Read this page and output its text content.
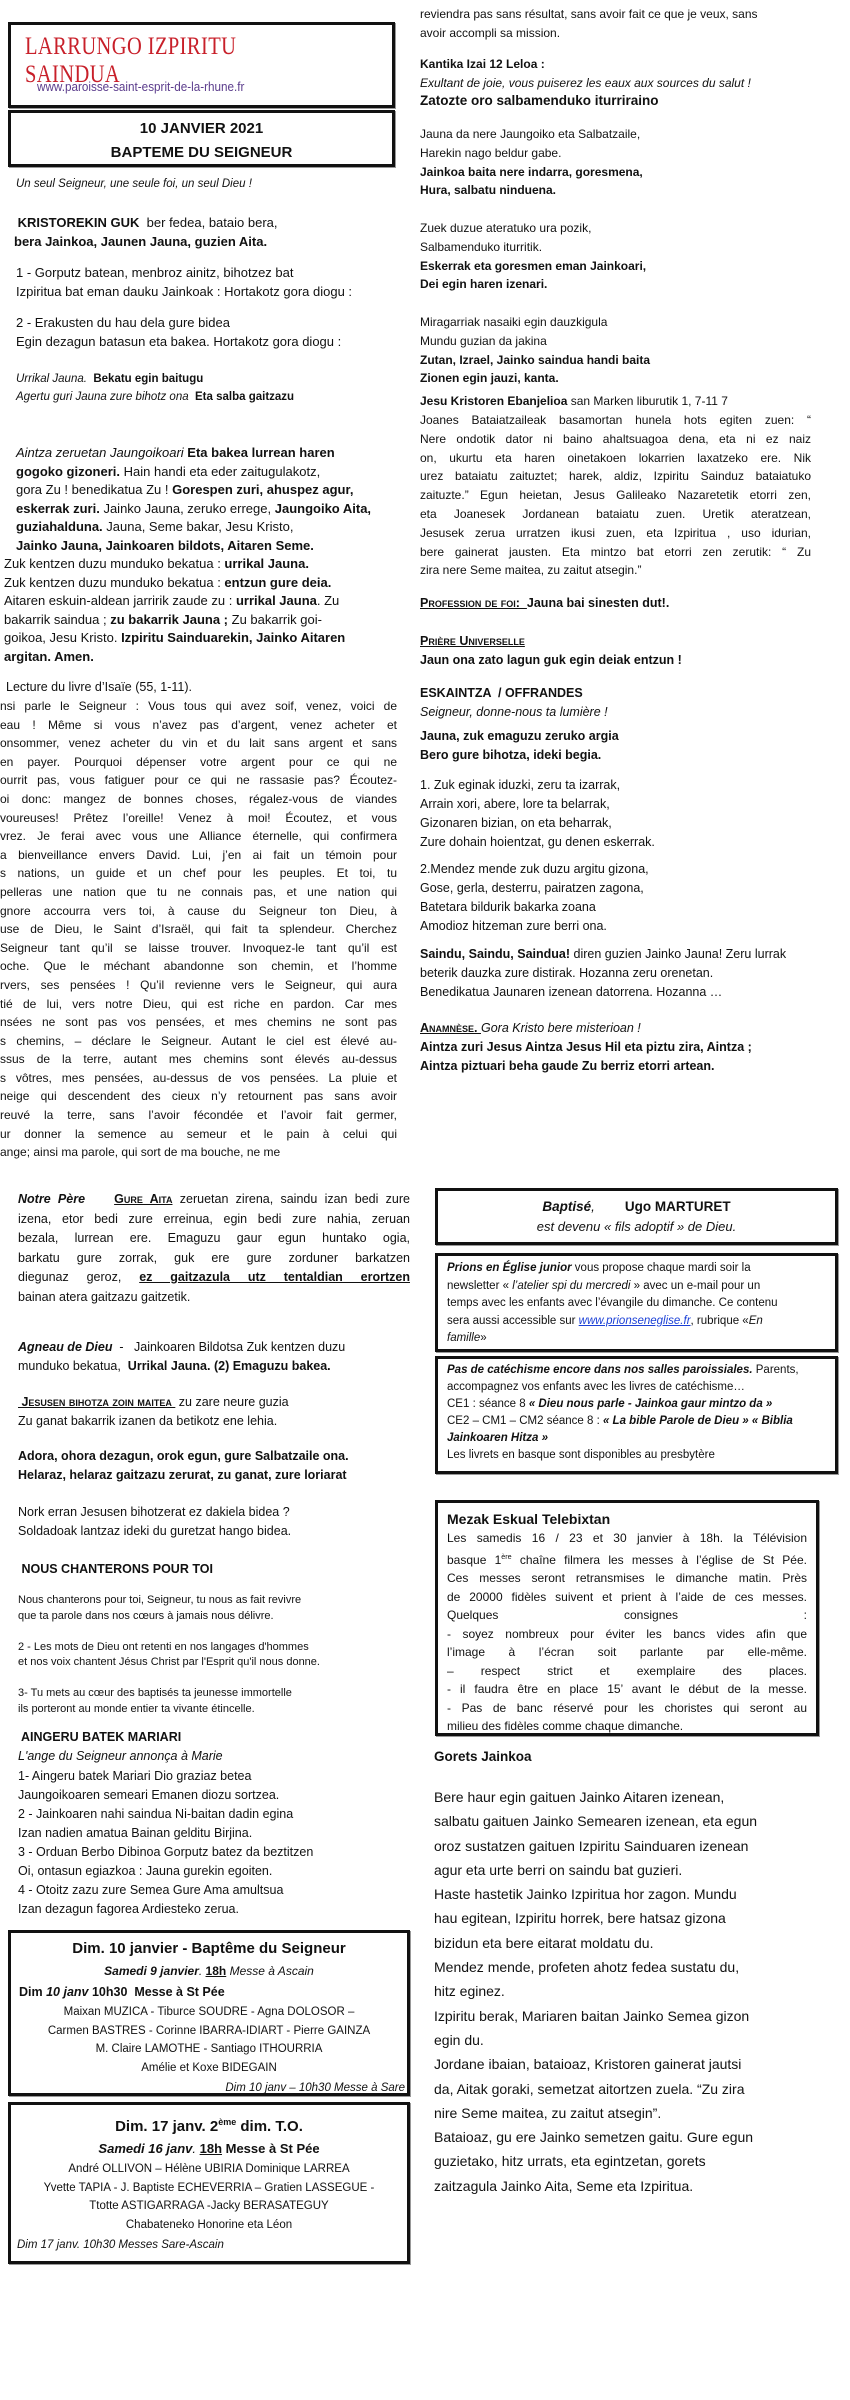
LARRUNGO IZPIRITU SAINDUA
www.paroisse-saint-esprit-de-la-rhune.fr
10 JANVIER 2021
BAPTEME DU SEIGNEUR
Un seul Seigneur, une seule foi, un seul Dieu !
KRISTOREKIN GUK  ber fedea, bataio bera,
bera Jainkoa, Jaunen Jauna, guzien Aita.
1 - Gorputz batean, menbroz ainitz, bihotzez bat
Izpiritua bat eman dauku Jainkoak : Hortakotz gora diogu :
2 - Erakusten du hau dela gure bidea
Egin dezagun batasun eta bakea. Hortakotz gora diogu :
Urrikal Jauna.  Bekatu egin baitugu
Agertu guri Jauna zure bihotz ona  Eta salba gaitzazu
Aintza zeruetan Jaungoikoari Eta bakea lurrean haren
gogoko gizoneri. Hain handi eta eder zaitugulakotz,
gora Zu ! benedikatua Zu ! Gorespen zuri, ahuspez agur,
eskerrak zuri. Jainko Jauna, zeruko errege, Jaungoiko Aita,
guziahalduna. Jauna, Seme bakar, Jesu Kristo,
Jainko Jauna, Jainkoaren bildots, Aitaren Seme.
Zuk kentzen duzu munduko bekatua : urrikal Jauna.
Zuk kentzen duzu munduko bekatua : entzun gure deia.
Aitaren eskuin-aldean jarririk zaude zu : urrikal Jauna. Zu
bakarrik saindua ; zu bakarrik Jauna ; Zu bakarrik goi-
goikoa, Jesu Kristo. Izpiritu Sainduarekin, Jainko Aitaren
argitan. Amen.
Lecture du livre d’Isaïe (55, 1-11).
nsi parle le Seigneur : Vous tous qui avez soif, venez, voici de
eau ! Même si vous n’avez pas d’argent, venez acheter et
onsommer, venez acheter du vin et du lait sans argent et sans
en payer. Pourquoi dépenser votre argent pour ce qui ne
ourrit pas, vous fatiguer pour ce qui ne rassasie pas? Écoutez-
oi donc: mangez de bonnes choses, régalez-vous de viandes
voureuses! Prêtez l’oreille! Venez à moi! Écoutez, et vous
vrez. Je ferai avec vous une Alliance éternelle, qui confirmera
a bienveillance envers David. Lui, j’en ai fait un témoin pour
s nations, un guide et un chef pour les peuples. Et toi, tu
pelleras une nation que tu ne connais pas, et une nation qui
gnore accourra vers toi, à cause du Seigneur ton Dieu, à
use de Dieu, le Saint d’Israël, qui fait ta splendeur. Cherchez
Seigneur tant qu’il se laisse trouver. Invoquez-le tant qu’il est
oche. Que le méchant abandonne son chemin, et l’homme
rvers, ses pensées ! Qu’il revienne vers le Seigneur, qui aura
tié de lui, vers notre Dieu, qui est riche en pardon. Car mes
nsées ne sont pas vos pensées, et mes chemins ne sont pas
s chemins, – déclare le Seigneur. Autant le ciel est élevé au-
ssus de la terre, autant mes chemins sont élevés au-dessus
s vôtres, mes pensées, au-dessus de vos pensées. La pluie et
neige qui descendent des cieux n’y retournent pas sans avoir
reuvé la terre, sans l’avoir fécondée et l’avoir fait germer,
ur donner la semence au semeur et le pain à celui qui
ange; ainsi ma parole, qui sort de ma bouche, ne me
Notre Père    Gure Aita zeruetan zirena, saindu izan bedi zure
izena, etor bedi zure erreinua, egin bedi zure nahia, zeruan
bezala, lurrean ere. Emaguzu gaur egun huntako ogia,
barkatu gure zorrak, guk ere gure zorduner barkatzen
diegunaz geroz, ez gaitzazula utz tentaldian erortzen
bainan atera gaitzazu gaitzetik.
Agneau de Dieu  -   Jainkoaren Bildotsa Zuk kentzen duzu
munduko bekatua,  Urrikal Jauna. (2) Emaguzu bakea.
Jesusen bihotza zoin maitea  zu zare neure guzia
Zu ganat bakarrik izanen da betikotz ene lehia.
Adora, ohora dezagun, orok egun, gure Salbatzaile ona.
Helaraz, helaraz gaitzazu zerurat, zu ganat, zure loriarat
Nork erran Jesusen bihotzerat ez dakiela bidea ?
Soldadoak lantzaz ideki du guretzat hango bidea.
NOUS CHANTERONS POUR TOI
Nous chanterons pour toi, Seigneur, tu nous as fait revivre
que ta parole dans nos cœurs à jamais nous délivre.

2 - Les mots de Dieu ont retenti en nos langages d'hommes
et nos voix chantent Jésus Christ par l'Esprit qu'il nous donne.

3- Tu mets au cœur des baptisés ta jeunesse immortelle
ils porteront au monde entier ta vivante étincelle.
AINGERU BATEK MARIARI
L'ange du Seigneur annonça à Marie
1- Aingeru batek Mariari Dio graziaz betea
Jaungoikoaren semeari Emanen diozu sortzea.
2 - Jainkoaren nahi saindua Ni-baitan dadin egina
Izan nadien amatua Bainan gelditu Birjina.
3 - Orduan Berbo Dibinoa Gorputz batez da beztitzen
Oi, ontasun egiazkoa : Jauna gurekin egoiten.
4 - Otoitz zazu zure Semea Gure Ama amultsua
Izan dezagun fagorea Ardiesteko zerua.
Dim. 10 janvier - Baptême du Seigneur
Samedi 9 janvier. 18h Messe à Ascain
Dim 10 janv 10h30  Messe à St Pée
Maixan MUZICA - Tiburce SOUDRE - Agna DOLOSOR –
Carmen BASTRES - Corinne IBARRA-IDIART - Pierre GAINZA
M. Claire LAMOTHE - Santiago ITHOURRIA
Amélie et Koxe BIDEGAIN
Dim 10 janv – 10h30 Messe à Sare
Dim. 17 janv. 2ème dim. T.O.
Samedi 16 janv. 18h Messe à St Pée
André OLLIVON – Hélène UBIRIA Dominique LARREA
Yvette TAPIA - J. Baptiste ECHEVERRIA – Gratien LASSEGUE -
Ttotte ASTIGARRAGA -Jacky BERASATEGUY
Chabateneko Honorine eta Léon
Dim 17 janv. 10h30 Messes Sare-Ascain
reviendra pas sans résultat, sans avoir fait ce que je veux, sans
avoir accompli sa mission.
Kantika Izai 12 Leloa :
Exultant de joie, vous puiserez les eaux aux sources du salut !
Zatozte oro salbamenduko iturriraino
Jauna da nere Jaungoiko eta Salbatzaile,
Harekin nago beldur gabe.
Jainkoa baita nere indarra, goresmena,
Hura, salbatu ninduena.

Zuek duzue ateratuko ura pozik,
Salbamenduko iturritik.
Eskerrak eta goresmen eman Jainkoari,
Dei egin haren izenari.

Miragarriak nasaiki egin dauzkigula
Mundu guzian da jakina
Zutan, Izrael, Jainko saindua handi baita
Zionen egin jauzi, kanta.
Jesu Kristoren Ebanjelioa san Marken liburutik 1, 7-11 7
Joanes Bataiatzaileak basamortan hunela hots egiten zuen: “
Nere ondotik dator ni baino ahaltsuagoa dena, eta ni ez naiz
on, ukurtu eta haren oinetakoen lokarrien laxatzeko ere. Nik
urez bataiatu zaituztet; harek, aldiz, Izpiritu Sainduz bataiatuko
zaituzte.” Egun heietan, Jesus Galileako Nazaretetik etorri zen,
eta Joanesek Jordanean bataiatu zuen. Uretik ateratzean,
Jesusek zerua urratzen ikusi zuen, eta Izpiritua , uso idurian,
bere gainerat jausten. Eta mintzo bat etorri zen zerutik: “ Zu
zira nere Seme maitea, zu zaitut atsegin.”
Profession de foi:  Jauna bai sinesten dut!.
Prière Universelle
Jaun ona zato lagun guk egin deiak entzun !
ESKAINTZA  / OFFRANDES
Seigneur, donne-nous ta lumière !
Jauna, zuk emaguzu zeruko argia
Bero gure bihotza, ideki begia.
1. Zuk eginak iduzki, zeru ta izarrak,
Arrain xori, abere, lore ta belarrak,
Gizonaren bizian, on eta beharrak,
Zure dohain hoientzat, gu denen eskerrak.
2.Mendez mende zuk duzu argitu gizona,
Gose, gerla, desterru, pairatzen zagona,
Batetara bildurik bakarka zoana
Amodioz hitzeman zure berri ona.
Saindu, Saindu, Saindua! diren guzien Jainko Jauna! Zeru lurrak
beterik dauzka zure distirak. Hozanna zeru orenetan.
Benedikatua Jaunaren izenean datorrena. Hozanna …
Anamnèse. Gora Kristo bere misterioan !
Aintza zuri Jesus Aintza Jesus Hil eta piztu zira, Aintza ;
Aintza piztuari beha gaude Zu berriz etorri artean.
Baptisé, Ugo MARTURET
est devenu « fils adoptif » de Dieu.
Prions en Église junior vous propose chaque mardi soir la
newsletter « l’atelier spi du mercredi » avec un e-mail pour un
temps avec les enfants avec l’évangile du dimanche. Ce contenu
sera aussi accessible sur www.prionseneglise.fr, rubrique «En
famille»
Pas de catéchisme encore dans nos salles paroissiales. Parents,
accompagnez vos enfants avec les livres de catéchisme…
CE1 : séance 8 « Dieu nous parle - Jainkoa gaur mintzo da »
CE2 – CM1 – CM2 séance 8 : « La bible Parole de Dieu » « Biblia
Jainkoaren Hitza »
Les livrets en basque sont disponibles au presbytère
Mezak Eskual Telebixtan
Les samedis 16 / 23 et 30 janvier à 18h. la Télévision
basque 1ère chaîne filmera les messes à l’église de St Pée.
Ces messes seront retransmises le dimanche matin. Près
de 20000 fidèles suivent et prient à l’aide de ces messes.
Quelques consignes :
- soyez nombreux pour éviter les bancs vides afin que
l’image à l’écran soit parlante par elle-même.
– respect strict et exemplaire des places.
- il faudra être en place 15’ avant le début de la messe.
- Pas de banc réservé pour les choristes qui seront au
milieu des fidèles comme chaque dimanche.
Gorets Jainkoa
Bere haur egin gaituen Jainko Aitaren izenean,
salbatu gaituen Jainko Semearen izenean, eta egun
oroz sustatzen gaituen Izpiritu Sainduaren izenean
agur eta urte berri on saindu bat guzieri.
Haste hastetik Jainko Izpiritua hor zagon. Mundu
hau egitean, Izpiritu horrek, bere hatsaz gizona
bizidun eta bere eitarat moldatu du.
Mendez mende, profeten ahotz fedea sustatu du,
hitz eginez.
Izpiritu berak, Mariaren baitan Jainko Semea gizon
egin du.
Jordane ibaian, bataioaz, Kristoren gainerat jautsi
da, Aitak goraki, semetzat aitortzen zuela. “Zu zira
nire Seme maitea, zu zaitut atsegin”.
Bataioaz, gu ere Jainko semetzen gaitu. Gure egun
guzietako, hitz urrats, eta egintzetan, gorets
zaitzagula Jainko Aita, Seme eta Izpiritua.
